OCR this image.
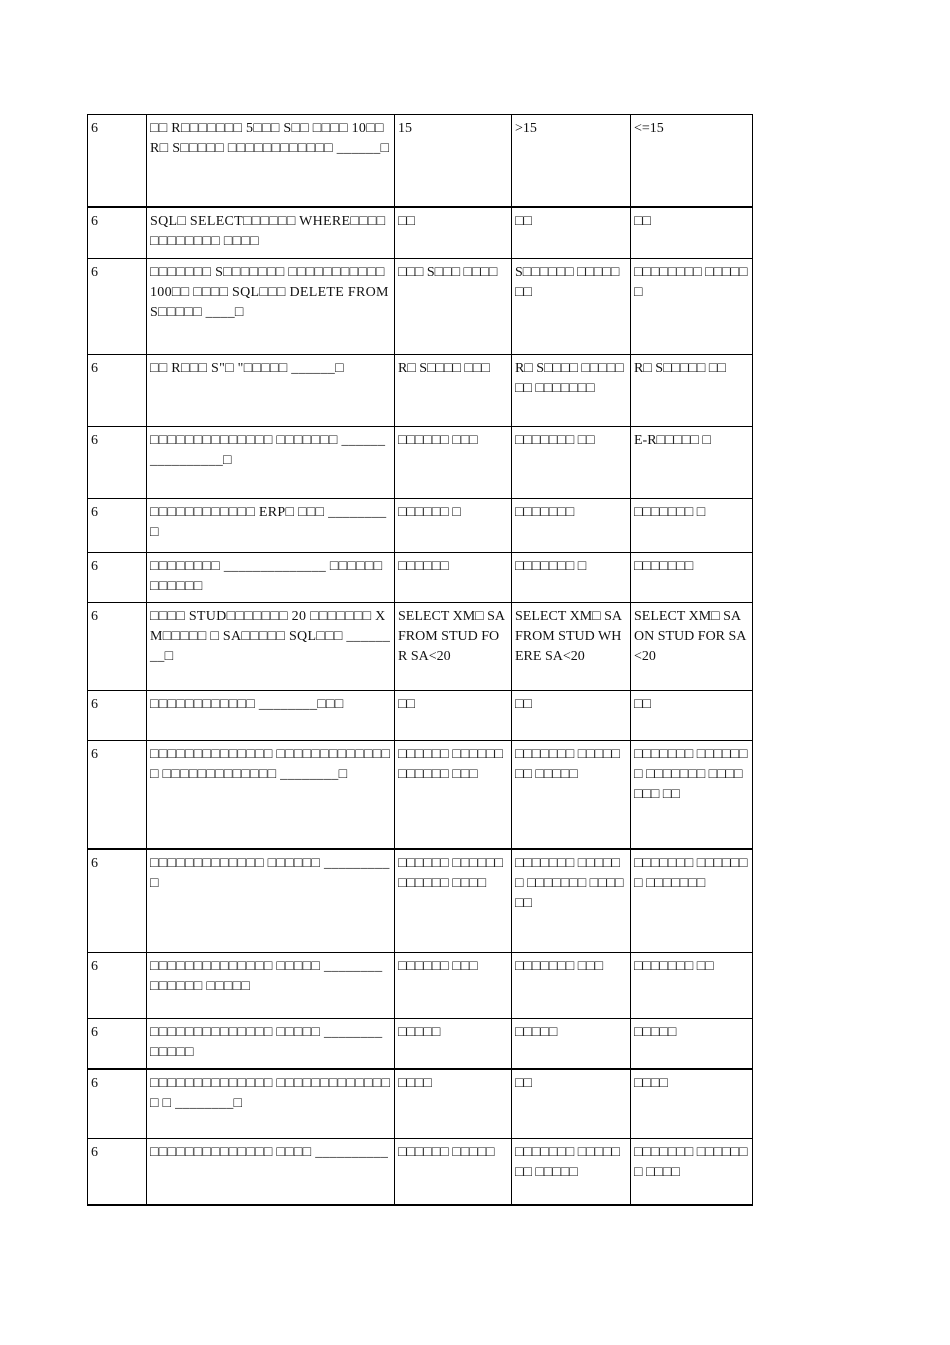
6	□□ R□□□□□□□ 5□□□ S□□ □□□□ 10□□ R□ S□□□□□ □□□□□□□□□□□□ ______□	15	>15	<=15
6	SQL□ SELECT□□□□□□ WHERE□□□□□□□□□□□□ □□□□	□□	□□	□□
6	□□□□□□□ S□□□□□□□ □□□□□□□□□□□ 100□□ □□□□ SQL□□□ DELETE FROM S□□□□□ ____□	□□□ S□□□ □□□□	S□□□□□□ □□□□□□□	□□□□□□□□ □□□□□□
6	□□ R□□□ S"□ "□□□□□ ______□	R□ S□□□□ □□□	R□ S□□□□ □□□□□□□ □□□□□□□	R□ S□□□□□ □□
6	□□□□□□□□□□□□□□ □□□□□□□ ________________□	□□□□□□ □□□	□□□□□□□ □□	E-R□□□□□ □
6	□□□□□□□□□□□□ ERP□ □□□ ________□	□□□□□□ □	□□□□□□□	□□□□□□□ □
6	□□□□□□□□ ______________ □□□□□□□□□□□□	□□□□□□	□□□□□□□ □	□□□□□□□
6	□□□□ STUD□□□□□□□ 20 □□□□□□□ XM□□□□□ □ SA□□□□□ SQL□□□ ________□	SELECT XM□ SA FROM STUD FOR SA<20	SELECT XM□ SA FROM STUD WHERE SA<20	SELECT XM□ SA ON STUD FOR SA<20
6	□□□□□□□□□□□□ ________□□□	□□	□□	□□
6	□□□□□□□□□□□□□□ □□□□□□□□□□□□□□ □□□□□□□□□□□□□ ________□	□□□□□□ □□□□□□ □□□□□□ □□□	□□□□□□□ □□□□□□□ □□□□□	□□□□□□□ □□□□□□□ □□□□□□□ □□□□□□□ □□
6	□□□□□□□□□□□□□ □□□□□□ _________□	□□□□□□ □□□□□□ □□□□□□ □□□□	□□□□□□□ □□□□□□ □□□□□□□ □□□□□□	□□□□□□□ □□□□□□□ □□□□□□□
6	□□□□□□□□□□□□□□ □□□□□ ________□□□□□□ □□□□□	□□□□□□ □□□	□□□□□□□ □□□	□□□□□□□ □□
6	□□□□□□□□□□□□□□ □□□□□ ________ □□□□□	□□□□□	□□□□□	□□□□□
6	□□□□□□□□□□□□□□ □□□□□□□□□□□□□□ □ ________□	□□□□	□□	□□□□
6	□□□□□□□□□□□□□□ □□□□ __________	□□□□□□ □□□□□	□□□□□□□ □□□□□□□ □□□□□	□□□□□□□ □□□□□□□ □□□□
